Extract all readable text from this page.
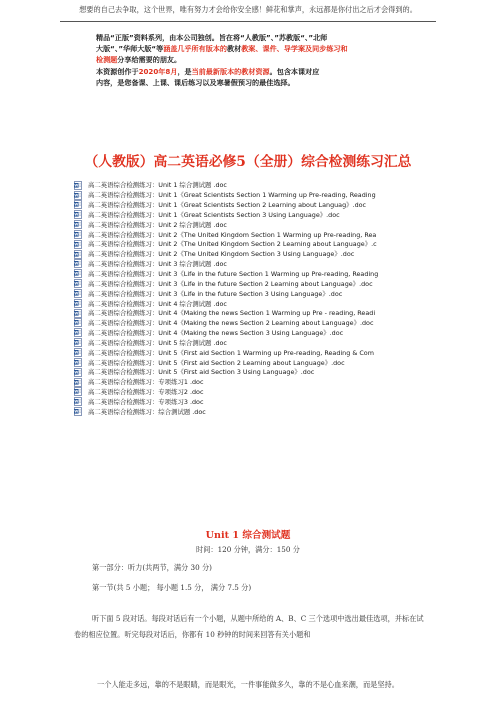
想要的自己去争取，这个世界，唯有努力才会给你安全感！鲜花和掌声，永远都是你付出之后才会得到的。

精品“正版”资料系列，由本公司独创。旨在将“人教版”、”苏教版“、”北师

大版“、”华师大版“等涵盖几乎所有版本的教材教案、课件、导学案及同步练习和

检测题分享给需要的朋友。

本资源创作于2020年8月，是当前最新版本的教材资源。包含本课对应

内容，是您备课、上课、课后练习以及寒暑假预习的最佳选择。

（人教版）高二英语必修5（全册）综合检测练习汇总
W 高二英语综合检测练习：Unit 1 综合测试题 .doc
W 高二英语综合检测练习：Unit 1《Great Scientists Section 1 Warming up Pre-reading, Reading
W 高二英语综合检测练习：Unit 1《Great Scientists Section 2 Learning about Languag》.doc
W 高二英语综合检测练习：Unit 1《Great Scientists Section 3 Using Language》.doc
W 高二英语综合检测练习：Unit 2 综合测试题 .doc
W 高二英语综合检测练习：Unit 2《The United Kingdom Section 1 Warming up Pre-reading, Rea
W 高二英语综合检测练习：Unit 2《The United Kingdom Section 2 Learning about Language》.c
W 高二英语综合检测练习：Unit 2《The United Kingdom Section 3 Using Language》.doc
W 高二英语综合检测练习：Unit 3 综合测试题 .doc
W 高二英语综合检测练习：Unit 3《Life in the future Section 1 Warming up Pre-reading, Reading
W 高二英语综合检测练习：Unit 3《Life in the future Section 2 Learning about Language》.doc
W 高二英语综合检测练习：Unit 3《Life in the future Section 3 Using Language》.doc
W 高二英语综合检测练习：Unit 4 综合测试题 .doc
W 高二英语综合检测练习：Unit 4《Making the news Section 1 Warming up Pre - reading, Readi
W 高二英语综合检测练习：Unit 4《Making the news Section 2 Learning about Language》.doc
W 高二英语综合检测练习：Unit 4《Making the news Section 3 Using Language》.doc
W 高二英语综合检测练习：Unit 5 综合测试题 .doc
W 高二英语综合检测练习：Unit 5《First aid Section 1 Warming up Pre-reading, Reading & Com
W 高二英语综合检测练习：Unit 5《First aid Section 2 Learning about Language》.doc
W 高二英语综合检测练习：Unit 5《First aid Section 3 Using Language》.doc
W 高二英语综合检测练习：专项练习1 .doc
W 高二英语综合检测练习：专项练习2 .doc
W 高二英语综合检测练习：专项练习3 .doc
W 高二英语综合检测练习：综合测试题 .doc
Unit 1 综合测试题
时间：120 分钟，满分：150 分
第一部分：听力(共两节，满分 30 分)
第一节(共 5 小题； 每小题 1.5 分， 满分 7.5 分)
听下面 5 段对话。每段对话后有一个小题，从题中所给的 A、B、C 三个选项中选出最佳选项，并标在试卷的相应位置。听完每段对话后，你都有 10 秒钟的时间来回答有关小题和
一个人能走多远，靠的不是眼睛，而是眼光，一件事能做多久，靠的不是心血来潮，而是坚持。
